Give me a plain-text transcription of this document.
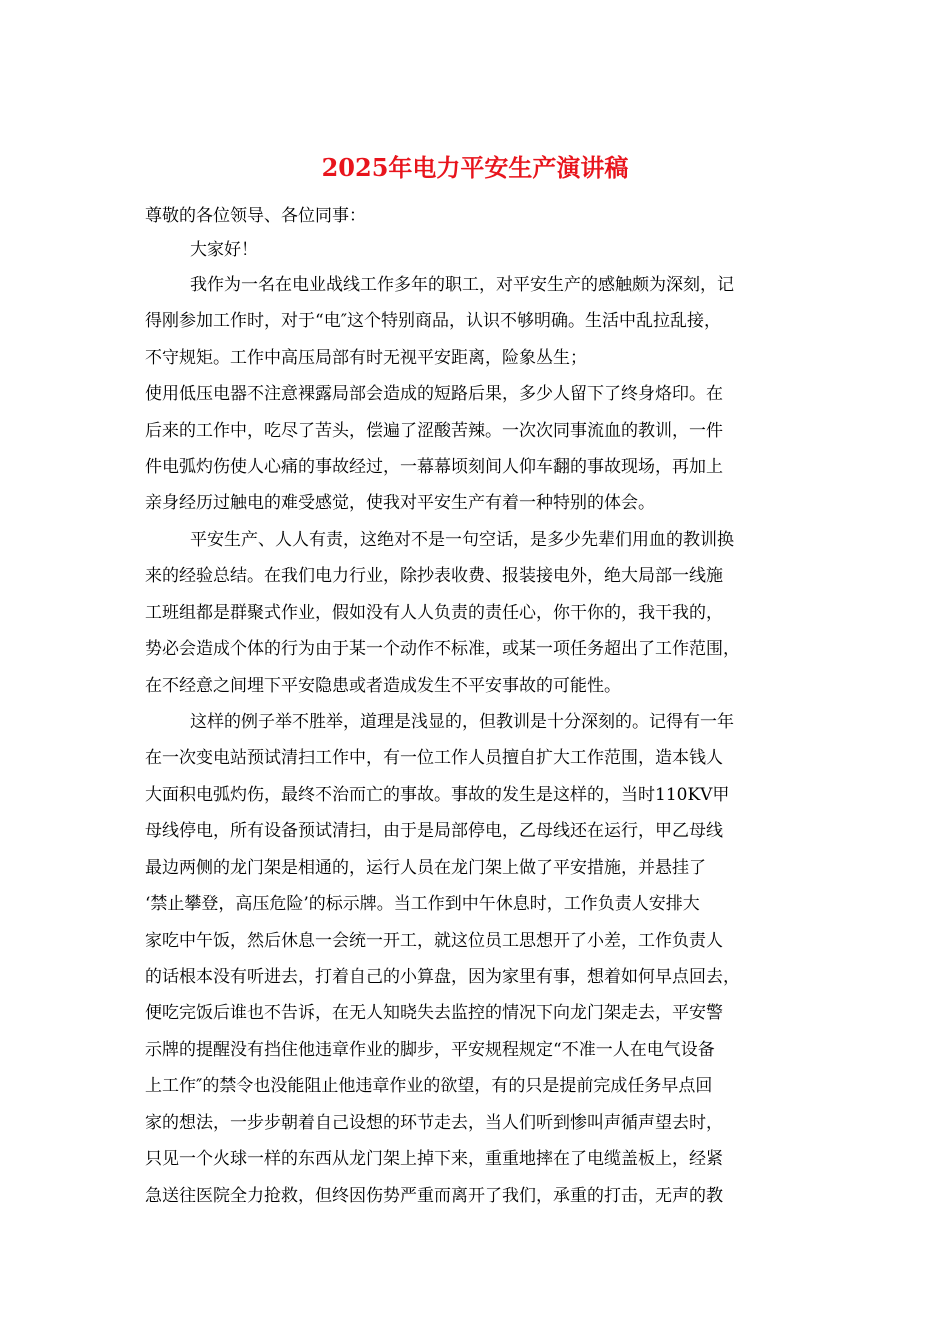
2025年电力平安生产演讲稿

尊敬的各位领导、各位同事：

大家好！

我作为一名在电业战线工作多年的职工，对平安生产的感触颇为深刻，记

得刚参加工作时，对于“电″这个特别商品，认识不够明确。生活中乱拉乱接，

不守规矩。工作中高压局部有时无视平安距离，险象丛生；

使用低压电器不注意裸露局部会造成的短路后果，多少人留下了终身烙印。在

后来的工作中，吃尽了苦头，偿遍了涩酸苦辣。一次次同事流血的教训，一件

件电弧灼伤使人心痛的事故经过，一幕幕顷刻间人仰车翻的事故现场，再加上

亲身经历过触电的难受感觉，使我对平安生产有着一种特别的体会。

平安生产、人人有责，这绝对不是一句空话，是多少先辈们用血的教训换

来的经验总结。在我们电力行业，除抄表收费、报装接电外，绝大局部一线施

工班组都是群聚式作业，假如没有人人负责的责任心，你干你的，我干我的，

势必会造成个体的行为由于某一个动作不标准，或某一项任务超出了工作范围，

在不经意之间埋下平安隐患或者造成发生不平安事故的可能性。

这样的例子举不胜举，道理是浅显的，但教训是十分深刻的。记得有一年

在一次变电站预试清扫工作中，有一位工作人员擅自扩大工作范围，造本钱人

大面积电弧灼伤，最终不治而亡的事故。事故的发生是这样的，当时110KV甲

母线停电，所有设备预试清扫，由于是局部停电，乙母线还在运行，甲乙母线

最边两侧的龙门架是相通的，运行人员在龙门架上做了平安措施，并悬挂了

‘禁止攀登，高压危险’的标示牌。当工作到中午休息时，工作负责人安排大

家吃中午饭，然后休息一会统一开工，就这位员工思想开了小差，工作负责人

的话根本没有听进去，打着自己的小算盘，因为家里有事，想着如何早点回去，

便吃完饭后谁也不告诉，在无人知晓失去监控的情况下向龙门架走去，平安警

示牌的提醒没有挡住他违章作业的脚步，平安规程规定“不准一人在电气设备

上工作″的禁令也没能阻止他违章作业的欲望，有的只是提前完成任务早点回

家的想法，一步步朝着自己设想的环节走去，当人们听到惨叫声循声望去时，

只见一个火球一样的东西从龙门架上掉下来，重重地摔在了电缆盖板上，经紧

急送往医院全力抢救，但终因伤势严重而离开了我们，承重的打击，无声的教
